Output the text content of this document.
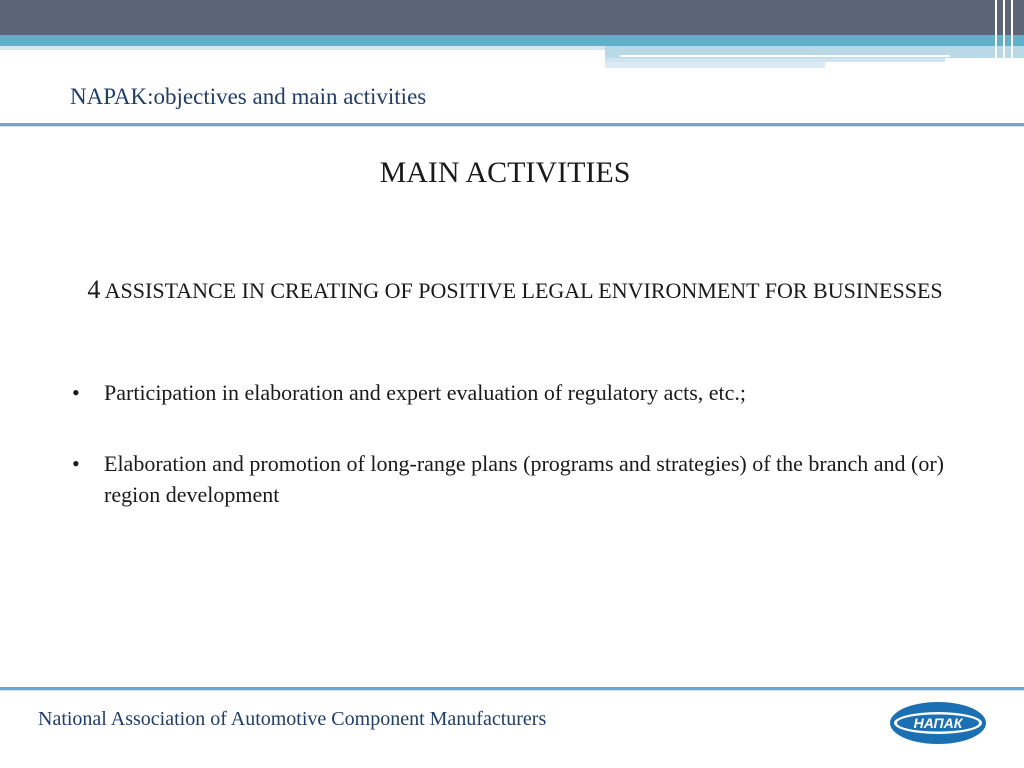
NAPAK:objectives and main activities
MAIN ACTIVITIES
4 ASSISTANCE IN CREATING OF POSITIVE LEGAL ENVIRONMENT FOR BUSINESSES
• Participation in elaboration and expert evaluation of regulatory acts, etc.;
• Elaboration and promotion of long-range plans (programs and strategies) of the branch and (or) region development
National Association of Automotive Component Manufacturers	НАПАК
